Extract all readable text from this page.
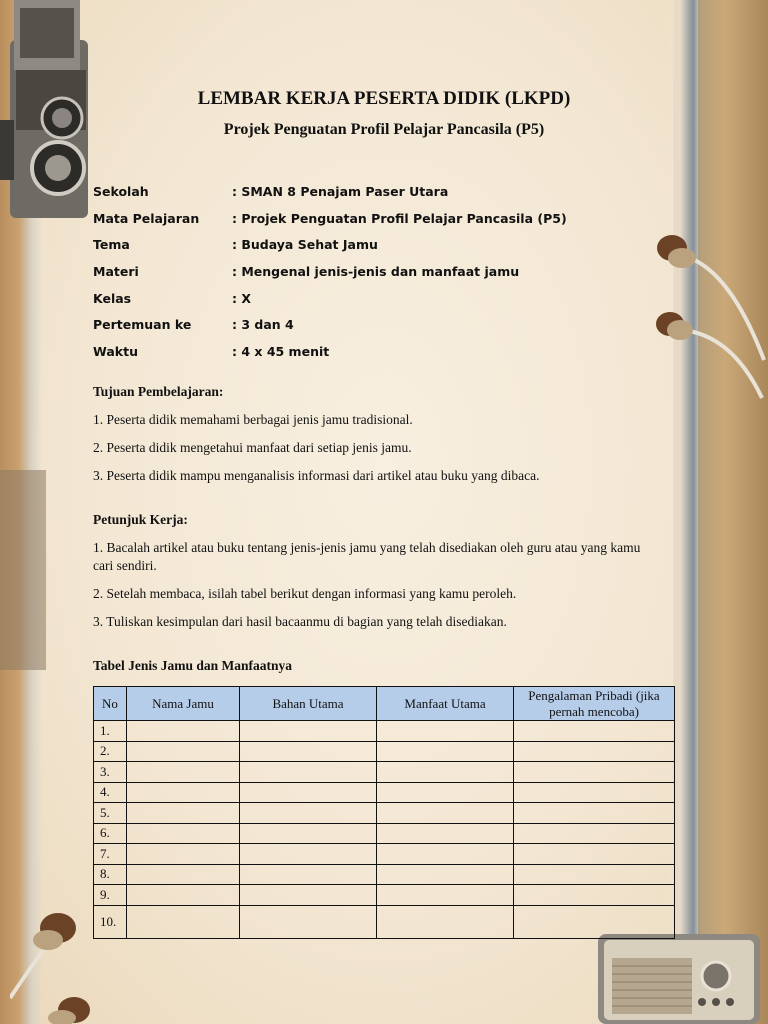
LEMBAR KERJA PESERTA DIDIK (LKPD)
Projek Penguatan Profil Pelajar Pancasila (P5)
Sekolah	: SMAN 8 Penajam Paser Utara
Mata Pelajaran	: Projek Penguatan Profil Pelajar Pancasila (P5)
Tema	: Budaya Sehat Jamu
Materi	: Mengenal jenis-jenis dan manfaat jamu
Kelas	: X
Pertemuan ke	: 3 dan 4
Waktu	: 4 x 45 menit
Tujuan Pembelajaran:
1. Peserta didik memahami berbagai jenis jamu tradisional.
2. Peserta didik mengetahui manfaat dari setiap jenis jamu.
3. Peserta didik mampu menganalisis informasi dari artikel atau buku yang dibaca.
Petunjuk Kerja:
1. Bacalah artikel atau buku tentang jenis-jenis jamu yang telah disediakan oleh guru atau yang kamu cari sendiri.
2. Setelah membaca, isilah tabel berikut dengan informasi yang kamu peroleh.
3. Tuliskan kesimpulan dari hasil bacaanmu di bagian yang telah disediakan.
Tabel Jenis Jamu dan Manfaatnya
No	Nama Jamu	Bahan Utama	Manfaat Utama	Pengalaman Pribadi (jika pernah mencoba)
1.				
2.				
3.				
4.				
5.				
6.				
7.				
8.				
9.				
10.				
